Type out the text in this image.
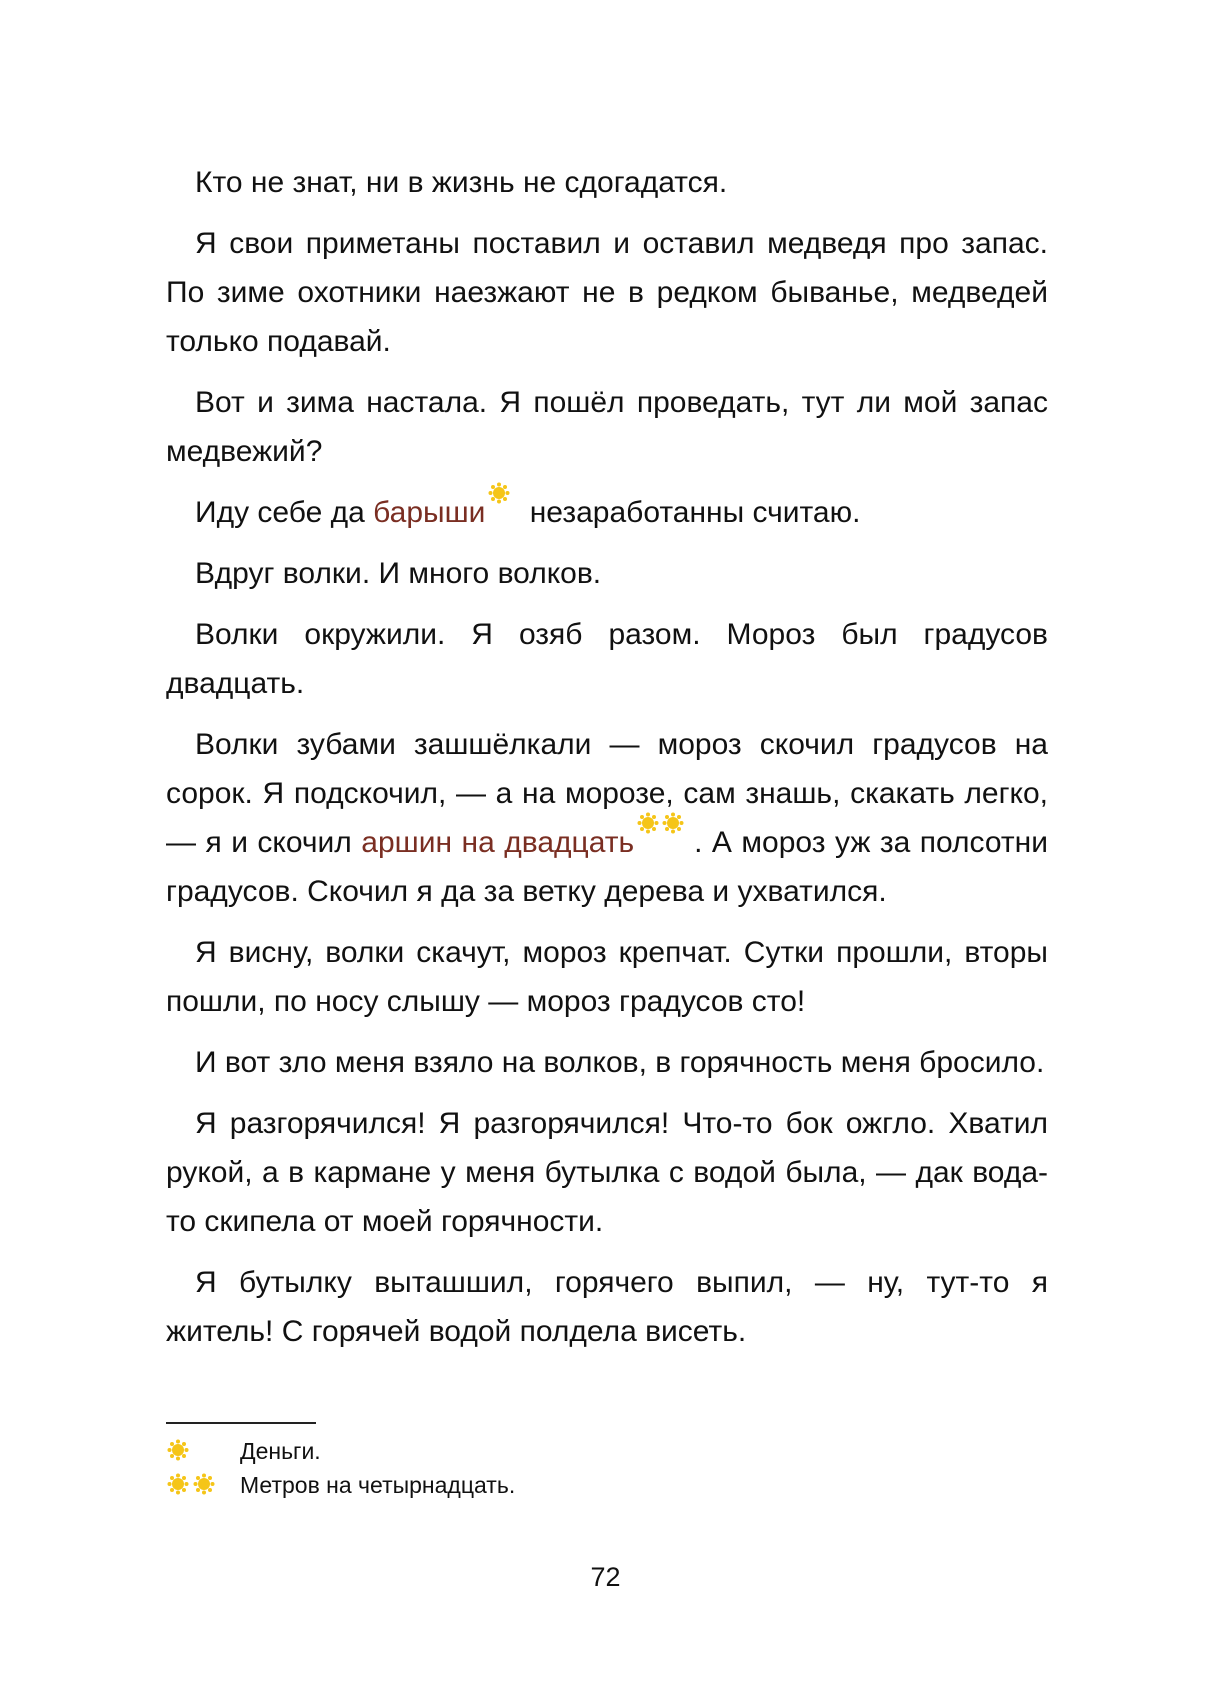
Кто не знат, ни в жизнь не сдогадатся.

Я свои приметаны поставил и оставил медведя про запас. По зиме охотники наезжают не в редком быванье, медведей только подавай.

Вот и зима настала. Я пошёл проведать, тут ли мой запас медвежий?

Иду себе да барыши
незаработанны считаю.

Вдруг волки. И много волков.

Волки окружили. Я озяб разом. Мороз был градусов двадцать.

Волки зубами зашшёлкали — мороз скочил градусов на сорок. Я подскочил, — а на морозе, сам знашь, скакать легко, — я и скочил аршин на двадцать . А мороз уж за полсотни градусов. Скочил я да за ветку дерева и ухватился.

Я висну, волки скачут, мороз крепчат. Сутки прошли, вторы пошли, по носу слышу — мороз градусов сто!

И вот зло меня взяло на волков, в горячность меня бросило.

Я разгорячился! Я разгорячился! Что-то бок ожгло. Хватил рукой, а в кармане у меня бутылка с водой была, — дак вода-то скипела от моей горячности.

Я бутылку выташшил, горячего выпил, — ну, тут-то я житель! С горячей водой полдела висеть.

Деньги.
Метров на четырнадцать.
72
